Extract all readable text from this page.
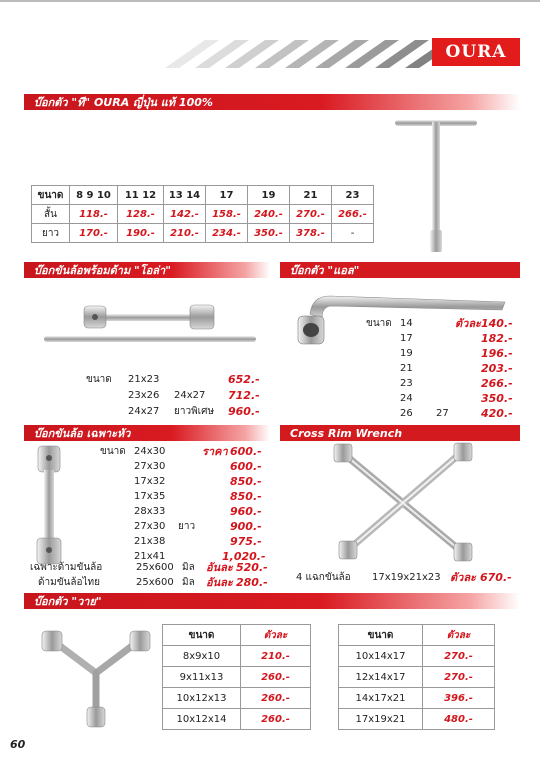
OURA
บ๊อกตัว "ที" OURA ญี่ปุ่น แท้ 100%
ขนาด	8 9 10	11 12	13 14	17	19	21	23
สั้น	118.-	128.-	142.-	158.-	240.-	270.-	266.-
ยาว	170.-	190.-	210.-	234.-	350.-	378.-	-
บ๊อกขันล้อพร้อมด้าม "โอล่า"
ขนาด 21x23	652.-
23x26 24x27 712.-
24x27 ยาวพิเศษ 960.-
บ๊อกตัว "แอล"
ขนาด 14	ตัวละ 140.-
17	182.-
19	196.-
21	203.-
23	266.-
24	350.-
26 27	420.-
บ๊อกขันล้อ เฉพาะหัว
ขนาด 24x30	ราคา 600.-
27x30	600.-
17x32	850.-
17x35	850.-
28x33	960.-
27x30 ยาว	900.-
21x38	975.-
21x41	1,020.-
เฉพาะด้ามขันล้อ	25x600 มิล อันละ 520.-
ด้ามขันล้อไทย	25x600 มิล อันละ 280.-
Cross Rim Wrench
4 แฉกขันล้อ 17x19x21x23 ตัวละ 670.-
บ๊อกตัว "วาย"
ขนาด	ตัวละ
8x9x10	210.-
9x11x13	260.-
10x12x13	260.-
10x12x14	260.-
ขนาด	ตัวละ
10x14x17	270.-
12x14x17	270.-
14x17x21	396.-
17x19x21	480.-
60
